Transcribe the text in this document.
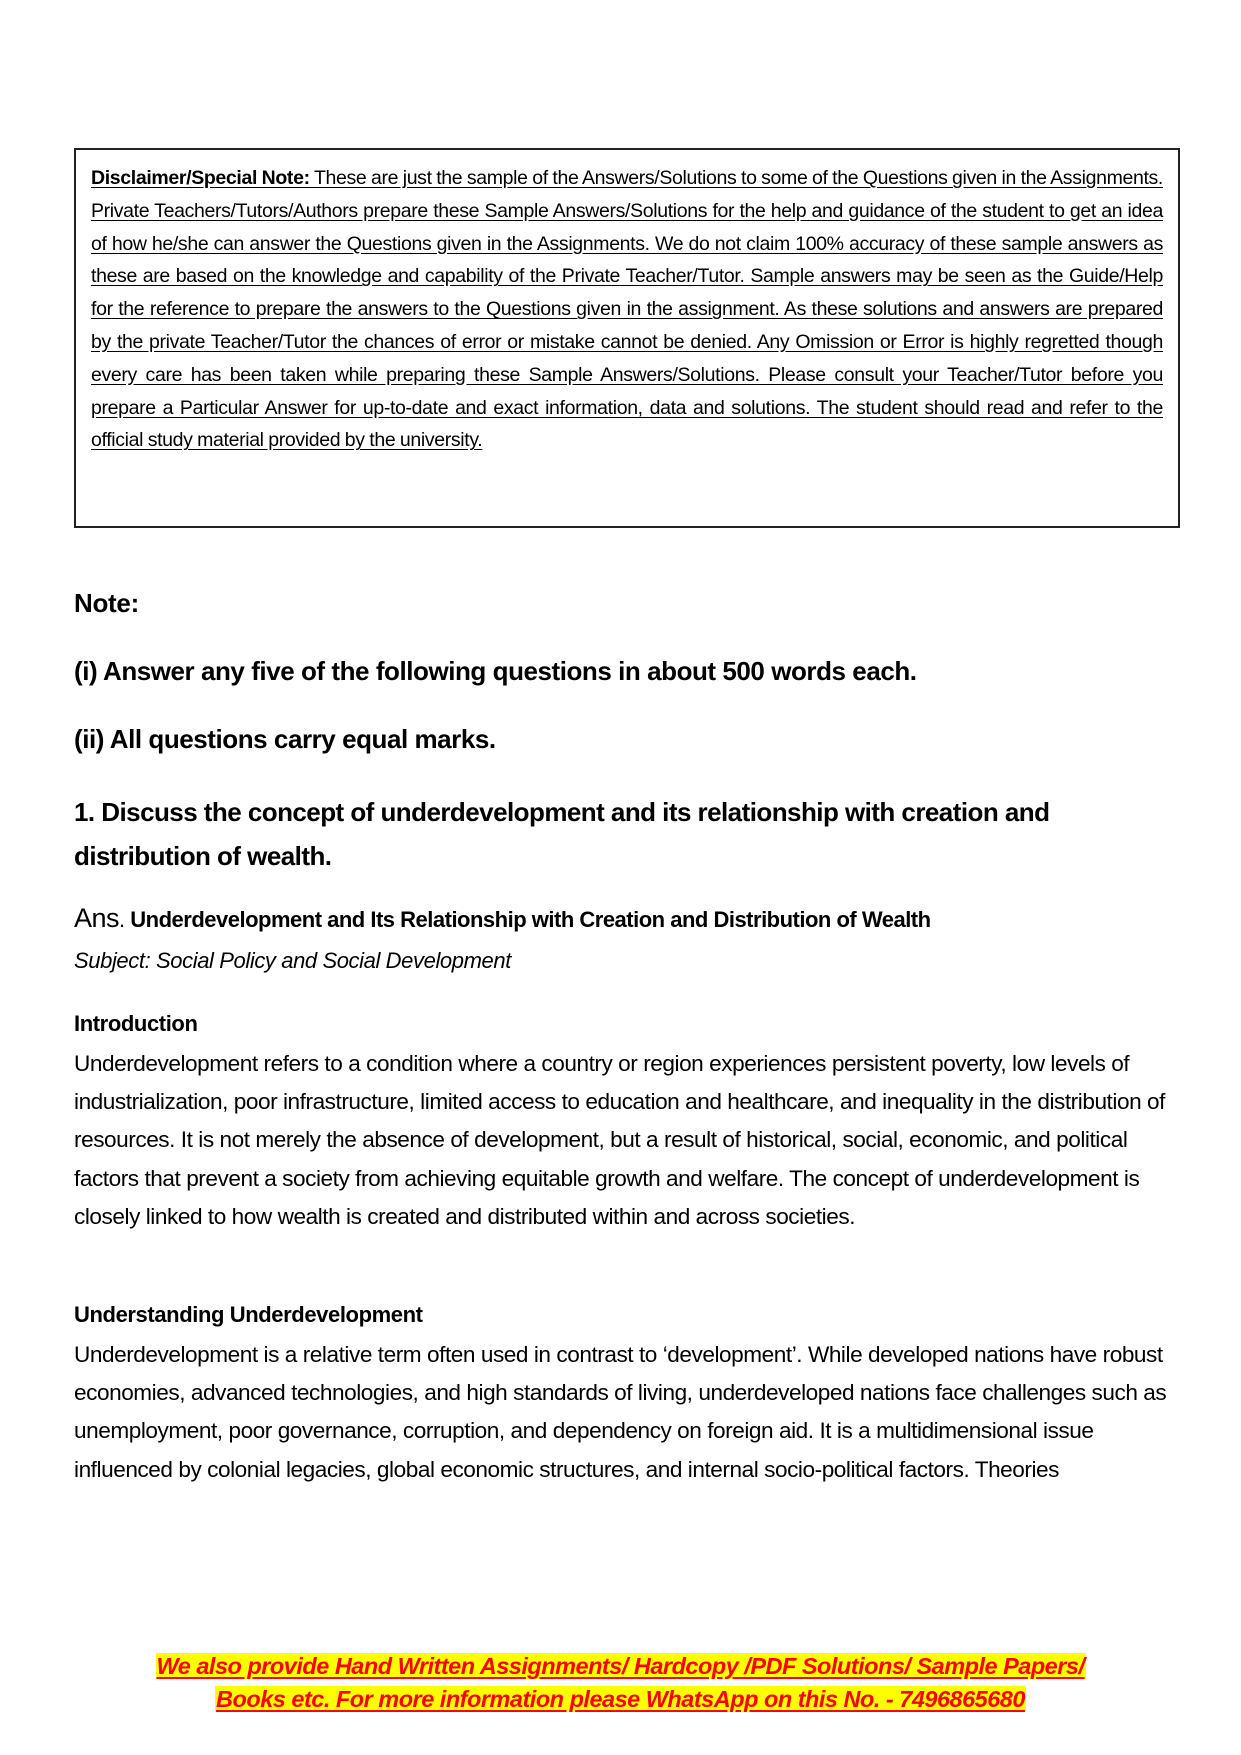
Disclaimer/Special Note: These are just the sample of the Answers/Solutions to some of the Questions given in the Assignments. Private Teachers/Tutors/Authors prepare these Sample Answers/Solutions for the help and guidance of the student to get an idea of how he/she can answer the Questions given in the Assignments. We do not claim 100% accuracy of these sample answers as these are based on the knowledge and capability of the Private Teacher/Tutor. Sample answers may be seen as the Guide/Help for the reference to prepare the answers to the Questions given in the assignment. As these solutions and answers are prepared by the private Teacher/Tutor the chances of error or mistake cannot be denied. Any Omission or Error is highly regretted though every care has been taken while preparing these Sample Answers/Solutions. Please consult your Teacher/Tutor before you prepare a Particular Answer for up-to-date and exact information, data and solutions. The student should read and refer to the official study material provided by the university.

Note:
(i) Answer any five of the following questions in about 500 words each.
(ii) All questions carry equal marks.
1. Discuss the concept of underdevelopment and its relationship with creation and distribution of wealth.
Ans. Underdevelopment and Its Relationship with Creation and Distribution of Wealth
Subject: Social Policy and Social Development
Introduction

Underdevelopment refers to a condition where a country or region experiences persistent poverty, low levels of industrialization, poor infrastructure, limited access to education and healthcare, and inequality in the distribution of resources. It is not merely the absence of development, but a result of historical, social, economic, and political factors that prevent a society from achieving equitable growth and welfare. The concept of underdevelopment is closely linked to how wealth is created and distributed within and across societies.

Understanding Underdevelopment

Underdevelopment is a relative term often used in contrast to ‘development’. While developed nations have robust economies, advanced technologies, and high standards of living, underdeveloped nations face challenges such as unemployment, poor governance, corruption, and dependency on foreign aid. It is a multidimensional issue influenced by colonial legacies, global economic structures, and internal socio-political factors. Theories

We also provide Hand Written Assignments/ Hardcopy /PDF Solutions/ Sample Papers/
Books etc. For more information please WhatsApp on this No. - 7496865680
